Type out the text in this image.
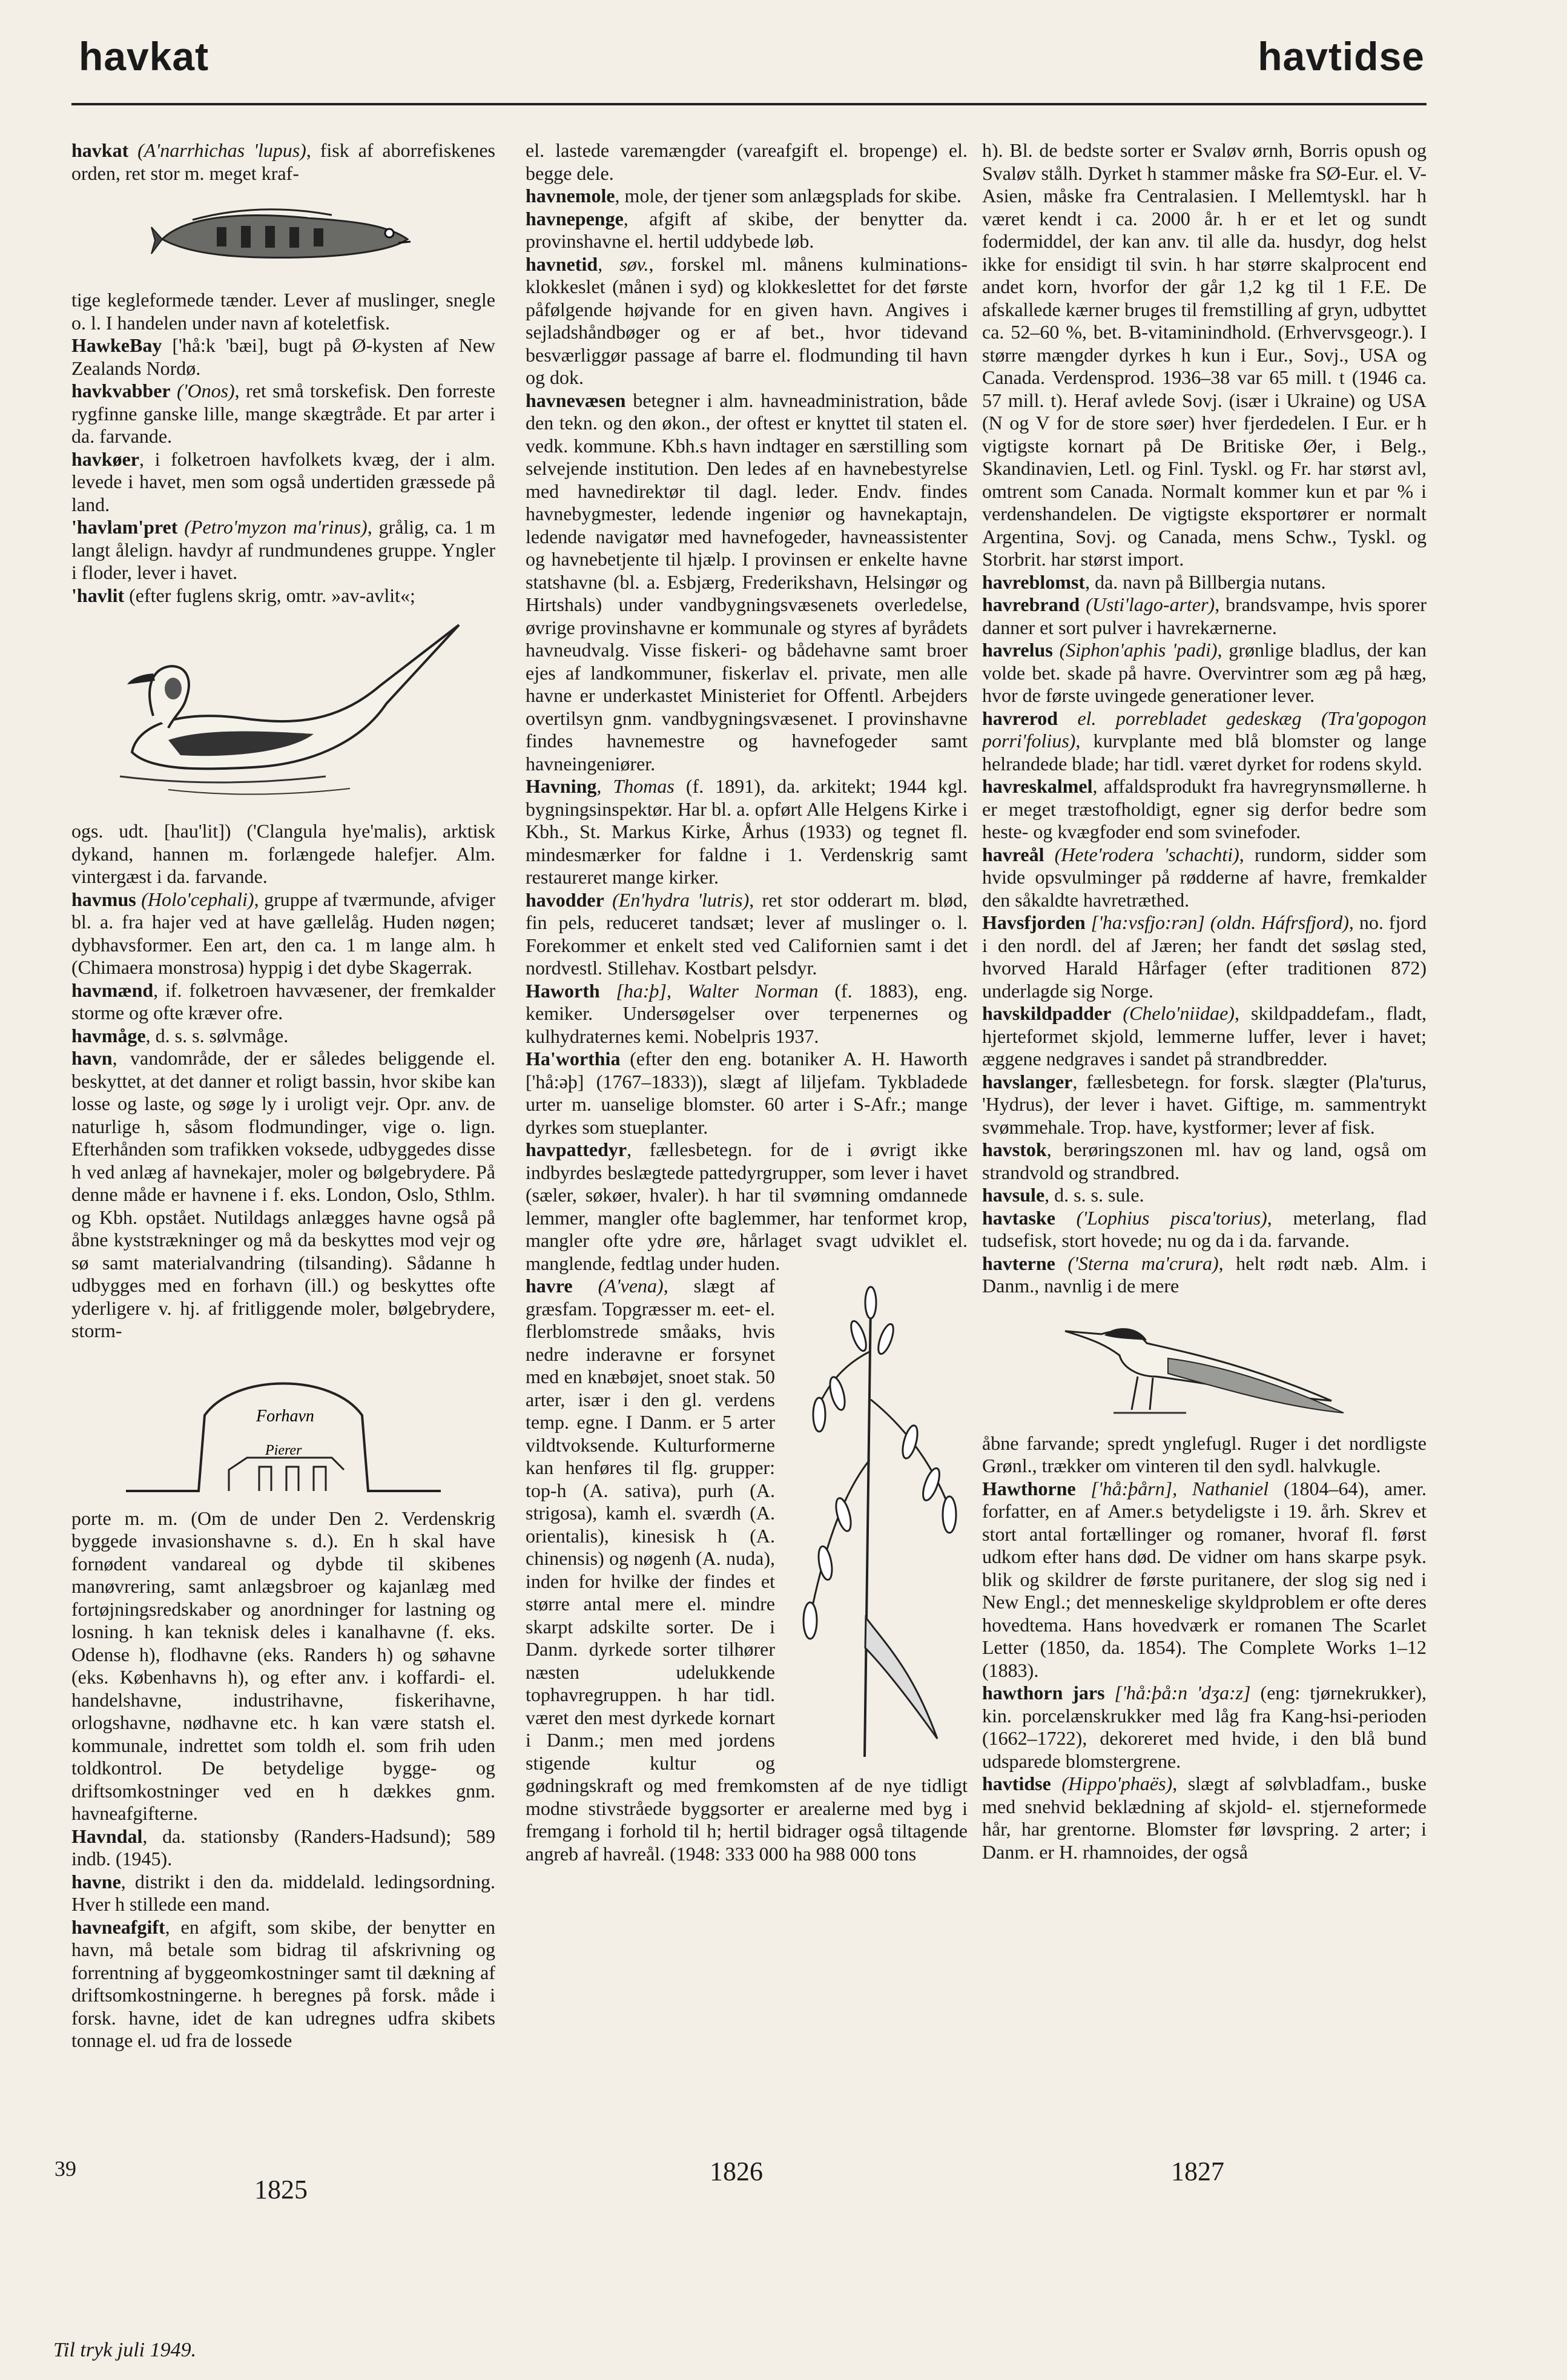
havkat	havtidse

havkat (A'narrhichas 'lupus), fisk af aborrefiskenes orden, ret stor m. meget kraf-

tige kegleformede tænder. Lever af muslinger, snegle o. l. I handelen under navn af koteletfisk.

HawkeBay ['hå:k 'bæi], bugt på Ø-kysten af New Zealands Nordø.

havkvabber ('Onos), ret små torskefisk. Den forreste rygfinne ganske lille, mange skægtråde. Et par arter i da. farvande.

havkøer, i folketroen havfolkets kvæg, der i alm. levede i havet, men som også undertiden græssede på land.

'havlam'pret (Petro'myzon ma'rinus), grålig, ca. 1 m langt ålelign. havdyr af rundmundenes gruppe. Yngler i floder, lever i havet.

'havlit (efter fuglens skrig, omtr. »av-avlit«;

ogs. udt. [hau'lit]) ('Clangula hye'malis), arktisk dykand, hannen m. forlængede halefjer. Alm. vintergæst i da. farvande.

havmus (Holo'cephali), gruppe af tværmunde, afviger bl. a. fra hajer ved at have gællelåg. Huden nøgen; dybhavsformer. Een art, den ca. 1 m lange alm. h (Chimaera monstrosa) hyppig i det dybe Skagerrak.

havmænd, if. folketroen havvæsener, der fremkalder storme og ofte kræver ofre.

havmåge, d. s. s. sølvmåge.

havn, vandområde, der er således beliggende el. beskyttet, at det danner et roligt bassin, hvor skibe kan losse og laste, og søge ly i uroligt vejr. Opr. anv. de naturlige h, såsom flodmundinger, vige o. lign. Efterhånden som trafikken voksede, udbyggedes disse h ved anlæg af havnekajer, moler og bølgebrydere. På denne måde er havnene i f. eks. London, Oslo, Sthlm. og Kbh. opstået. Nutildags anlægges havne også på åbne kyststrækninger og må da beskyttes mod vejr og sø samt materialvandring (tilsanding). Sådanne h udbygges med en forhavn (ill.) og beskyttes ofte yderligere v. hj. af fritliggende moler, bølgebrydere, storm-

Forhavn
Pierer

porte m. m. (Om de under Den 2. Verdenskrig byggede invasionshavne s. d.). En h skal have fornødent vandareal og dybde til skibenes manøvrering, samt anlægsbroer og kajanlæg med fortøjningsredskaber og anordninger for lastning og losning. h kan teknisk deles i kanalhavne (f. eks. Odense h), flodhavne (eks. Randers h) og søhavne (eks. Københavns h), og efter anv. i koffardi- el. handelshavne, industrihavne, fiskerihavne, orlogshavne, nødhavne etc. h kan være statsh el. kommunale, indrettet som toldh el. som frih uden toldkontrol. De betydelige bygge- og driftsomkostninger ved en h dækkes gnm. havneafgifterne.

Havndal, da. stationsby (Randers-Hadsund); 589 indb. (1945).

havne, distrikt i den da. middelald. ledingsordning. Hver h stillede een mand.

havneafgift, en afgift, som skibe, der benytter en havn, må betale som bidrag til afskrivning og forrentning af byggeomkostninger samt til dækning af driftsomkostningerne. h beregnes på forsk. måde i forsk. havne, idet de kan udregnes udfra skibets tonnage el. ud fra de lossede

el. lastede varemængder (vareafgift el. bropenge) el. begge dele.

havnemole, mole, der tjener som anlægsplads for skibe.

havnepenge, afgift af skibe, der benytter da. provinshavne el. hertil uddybede løb.

havnetid, søv., forskel ml. månens kulminations-klokkeslet (månen i syd) og klokkeslettet for det første påfølgende højvande for en given havn. Angives i sejladshåndbøger og er af bet., hvor tidevand besværliggør passage af barre el. flodmunding til havn og dok.

havnevæsen betegner i alm. havneadministration, både den tekn. og den økon., der oftest er knyttet til staten el. vedk. kommune. Kbh.s havn indtager en særstilling som selvejende institution. Den ledes af en havnebestyrelse med havnedirektør til dagl. leder. Endv. findes havnebygmester, ledende ingeniør og havnekaptajn, ledende navigatør med havnefogeder, havneassistenter og havnebetjente til hjælp. I provinsen er enkelte havne statshavne (bl. a. Esbjærg, Frederikshavn, Helsingør og Hirtshals) under vandbygningsvæsenets overledelse, øvrige provinshavne er kommunale og styres af byrådets havneudvalg. Visse fiskeri- og bådehavne samt broer ejes af landkommuner, fiskerlav el. private, men alle havne er underkastet Ministeriet for Offentl. Arbejders overtilsyn gnm. vandbygningsvæsenet. I provinshavne findes havnemestre og havnefogeder samt havneingeniører.

Havning, Thomas (f. 1891), da. arkitekt; 1944 kgl. bygningsinspektør. Har bl. a. opført Alle Helgens Kirke i Kbh., St. Markus Kirke, Århus (1933) og tegnet fl. mindesmærker for faldne i 1. Verdenskrig samt restaureret mange kirker.

havodder (En'hydra 'lutris), ret stor odderart m. blød, fin pels, reduceret tandsæt; lever af muslinger o. l. Forekommer et enkelt sted ved Californien samt i det nordvestl. Stillehav. Kostbart pelsdyr.

Haworth [ha:þ], Walter Norman (f. 1883), eng. kemiker. Undersøgelser over terpenernes og kulhydraternes kemi. Nobelpris 1937.

Ha'worthia (efter den eng. botaniker A. H. Haworth ['hå:əþ] (1767–1833)), slægt af liljefam. Tykbladede urter m. uanselige blomster. 60 arter i S-Afr.; mange dyrkes som stueplanter.

havpattedyr, fællesbetegn. for de i øvrigt ikke indbyrdes beslægtede pattedyrgrupper, som lever i havet (sæler, søkøer, hvaler). h har til svømning omdannede lemmer, mangler ofte baglemmer, har tenformet krop, mangler ofte ydre øre, hårlaget svagt udviklet el. manglende, fedtlag under huden.

havre (A'vena), slægt af græsfam. Topgræsser m. eet- el. flerblomstrede småaks, hvis nedre inderavne er forsynet med en knæbøjet, snoet stak. 50 arter, især i den gl. verdens temp. egne. I Danm. er 5 arter vildtvoksende. Kulturformerne kan henføres til flg. grupper: top-h (A. sativa), purh (A. strigosa), kamh el. sværdh (A. orientalis), kinesisk h (A. chinensis) og nøgenh (A. nuda), inden for hvilke der findes et større antal mere el. mindre skarpt adskilte sorter. De i Danm. dyrkede sorter tilhører næsten udelukkende tophavregruppen. h har tidl. været den mest dyrkede kornart i Danm.; men med jordens stigende kultur og gødningskraft og med fremkomsten af de nye tidligt modne stivstråede byggsorter er arealerne med byg i fremgang i forhold til h; hertil bidrager også tiltagende angreb af havreål. (1948: 333 000 ha 988 000 tons

h). Bl. de bedste sorter er Svaløv ørnh, Borris opush og Svaløv stålh. Dyrket h stammer måske fra SØ-Eur. el. V-Asien, måske fra Centralasien. I Mellemtyskl. har h været kendt i ca. 2000 år. h er et let og sundt fodermiddel, der kan anv. til alle da. husdyr, dog helst ikke for ensidigt til svin. h har større skalprocent end andet korn, hvorfor der går 1,2 kg til 1 F.E. De afskallede kærner bruges til fremstilling af gryn, udbyttet ca. 52–60 %, bet. B-vitaminindhold. (Erhvervsgeogr.). I større mængder dyrkes h kun i Eur., Sovj., USA og Canada. Verdensprod. 1936–38 var 65 mill. t (1946 ca. 57 mill. t). Heraf avlede Sovj. (især i Ukraine) og USA (N og V for de store søer) hver fjerdedelen. I Eur. er h vigtigste kornart på De Britiske Øer, i Belg., Skandinavien, Letl. og Finl. Tyskl. og Fr. har størst avl, omtrent som Canada. Normalt kommer kun et par % i verdenshandelen. De vigtigste eksportører er normalt Argentina, Sovj. og Canada, mens Schw., Tyskl. og Storbrit. har størst import.

havreblomst, da. navn på Billbergia nutans.

havrebrand (Usti'lago-arter), brandsvampe, hvis sporer danner et sort pulver i havrekærnerne.

havrelus (Siphon'aphis 'padi), grønlige bladlus, der kan volde bet. skade på havre. Overvintrer som æg på hæg, hvor de første uvingede generationer lever.

havrerod el. porrebladet gedeskæg (Tra'gopogon porri'folius), kurvplante med blå blomster og lange helrandede blade; har tidl. været dyrket for rodens skyld.

havreskalmel, affaldsprodukt fra havregrynsmøllerne. h er meget træstofholdigt, egner sig derfor bedre som heste- og kvægfoder end som svinefoder.

havreål (Hete'rodera 'schachti), rundorm, sidder som hvide opsvulminger på rødderne af havre, fremkalder den såkaldte havretræthed.

Havsfjorden ['ha:vsfjo:rən] (oldn. Háfrsfjord), no. fjord i den nordl. del af Jæren; her fandt det søslag sted, hvorved Harald Hårfager (efter traditionen 872) underlagde sig Norge.

havskildpadder (Chelo'niidae), skildpaddefam., fladt, hjerteformet skjold, lemmerne luffer, lever i havet; æggene nedgraves i sandet på strandbredder.

havslanger, fællesbetegn. for forsk. slægter (Pla'turus, 'Hydrus), der lever i havet. Giftige, m. sammentrykt svømmehale. Trop. have, kystformer; lever af fisk.

havstok, berøringszonen ml. hav og land, også om strandvold og strandbred.

havsule, d. s. s. sule.

havtaske ('Lophius pisca'torius), meterlang, flad tudsefisk, stort hovede; nu og da i da. farvande.

havterne ('Sterna ma'crura), helt rødt næb. Alm. i Danm., navnlig i de mere

åbne farvande; spredt ynglefugl. Ruger i det nordligste Grønl., trækker om vinteren til den sydl. halvkugle.

Hawthorne ['hå:þårn], Nathaniel (1804–64), amer. forfatter, en af Amer.s betydeligste i 19. årh. Skrev et stort antal fortællinger og romaner, hvoraf fl. først udkom efter hans død. De vidner om hans skarpe psyk. blik og skildrer de første puritanere, der slog sig ned i New Engl.; det menneskelige skyldproblem er ofte deres hovedtema. Hans hovedværk er romanen The Scarlet Letter (1850, da. 1854). The Complete Works 1–12 (1883).

hawthorn jars ['hå:þå:n 'dʒa:z] (eng: tjørnekrukker), kin. porcelænskrukker med låg fra Kang-hsi-perioden (1662–1722), dekoreret med hvide, i den blå bund udsparede blomstergrene.

havtidse (Hippo'phaës), slægt af sølvbladfam., buske med snehvid beklædning af skjold- el. stjerneformede hår, har grentorne. Blomster før løvspring. 2 arter; i Danm. er H. rhamnoides, der også

39
1825
1826	1827
Til tryk juli 1949.
